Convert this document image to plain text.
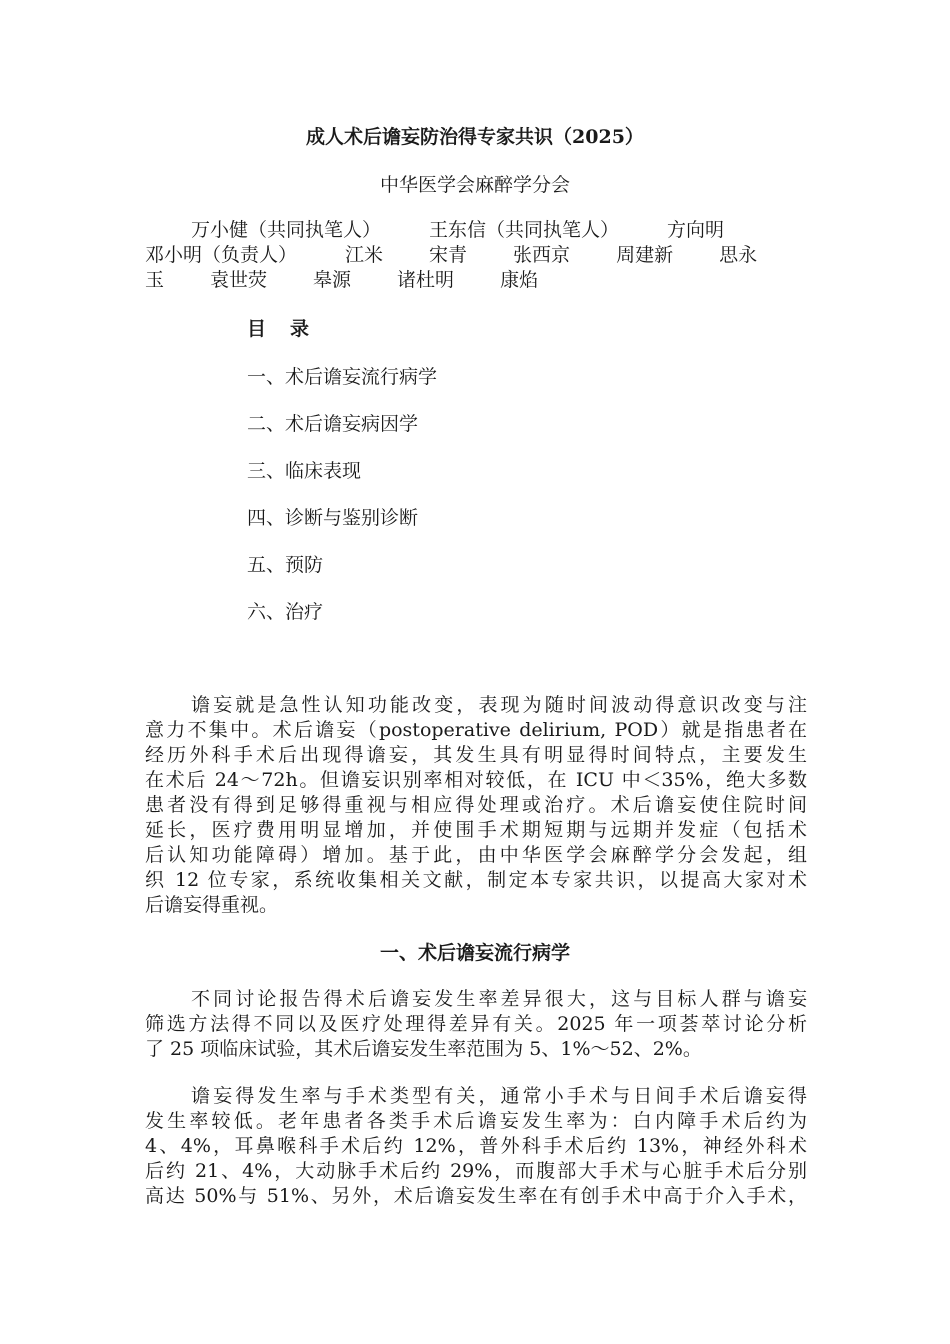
成人术后谵妄防治得专家共识（2025）
中华医学会麻醉学分会
万小健（共同执笔人）	王东信（共同执笔人）	方向明
邓小明（负责人）	江米 宋青 张西京 周建新 思永
玉 袁世荧 皋源 诸杜明 康焰
目录
一、术后谵妄流行病学
二、术后谵妄病因学
三、临床表现
四、诊断与鉴别诊断
五、预防
六、治疗
谵妄就是急性认知功能改变，表现为随时间波动得意识改变与注
意力不集中。术后谵妄（postoperative delirium, POD）就是指患者在
经历外科手术后出现得谵妄，其发生具有明显得时间特点，主要发生
在术后 24～72h。但谵妄识别率相对较低，在 ICU 中＜35%，绝大多数
患者没有得到足够得重视与相应得处理或治疗。术后谵妄使住院时间
延长，医疗费用明显增加，并使围手术期短期与远期并发症（包括术
后认知功能障碍）增加。基于此，由中华医学会麻醉学分会发起，组
织 12 位专家，系统收集相关文献，制定本专家共识，以提高大家对术
后谵妄得重视。
一、术后谵妄流行病学
不同讨论报告得术后谵妄发生率差异很大，这与目标人群与谵妄
筛选方法得不同以及医疗处理得差异有关。2025 年一项荟萃讨论分析
了 25 项临床试验，其术后谵妄发生率范围为 5、1%～52、2%。
谵妄得发生率与手术类型有关，通常小手术与日间手术后谵妄得
发生率较低。老年患者各类手术后谵妄发生率为：白内障手术后约为
4、4%，耳鼻喉科手术后约 12%，普外科手术后约 13%，神经外科术
后约 21、4%，大动脉手术后约 29%，而腹部大手术与心脏手术后分别
高达 50%与 51%、另外，术后谵妄发生率在有创手术中高于介入手术，
